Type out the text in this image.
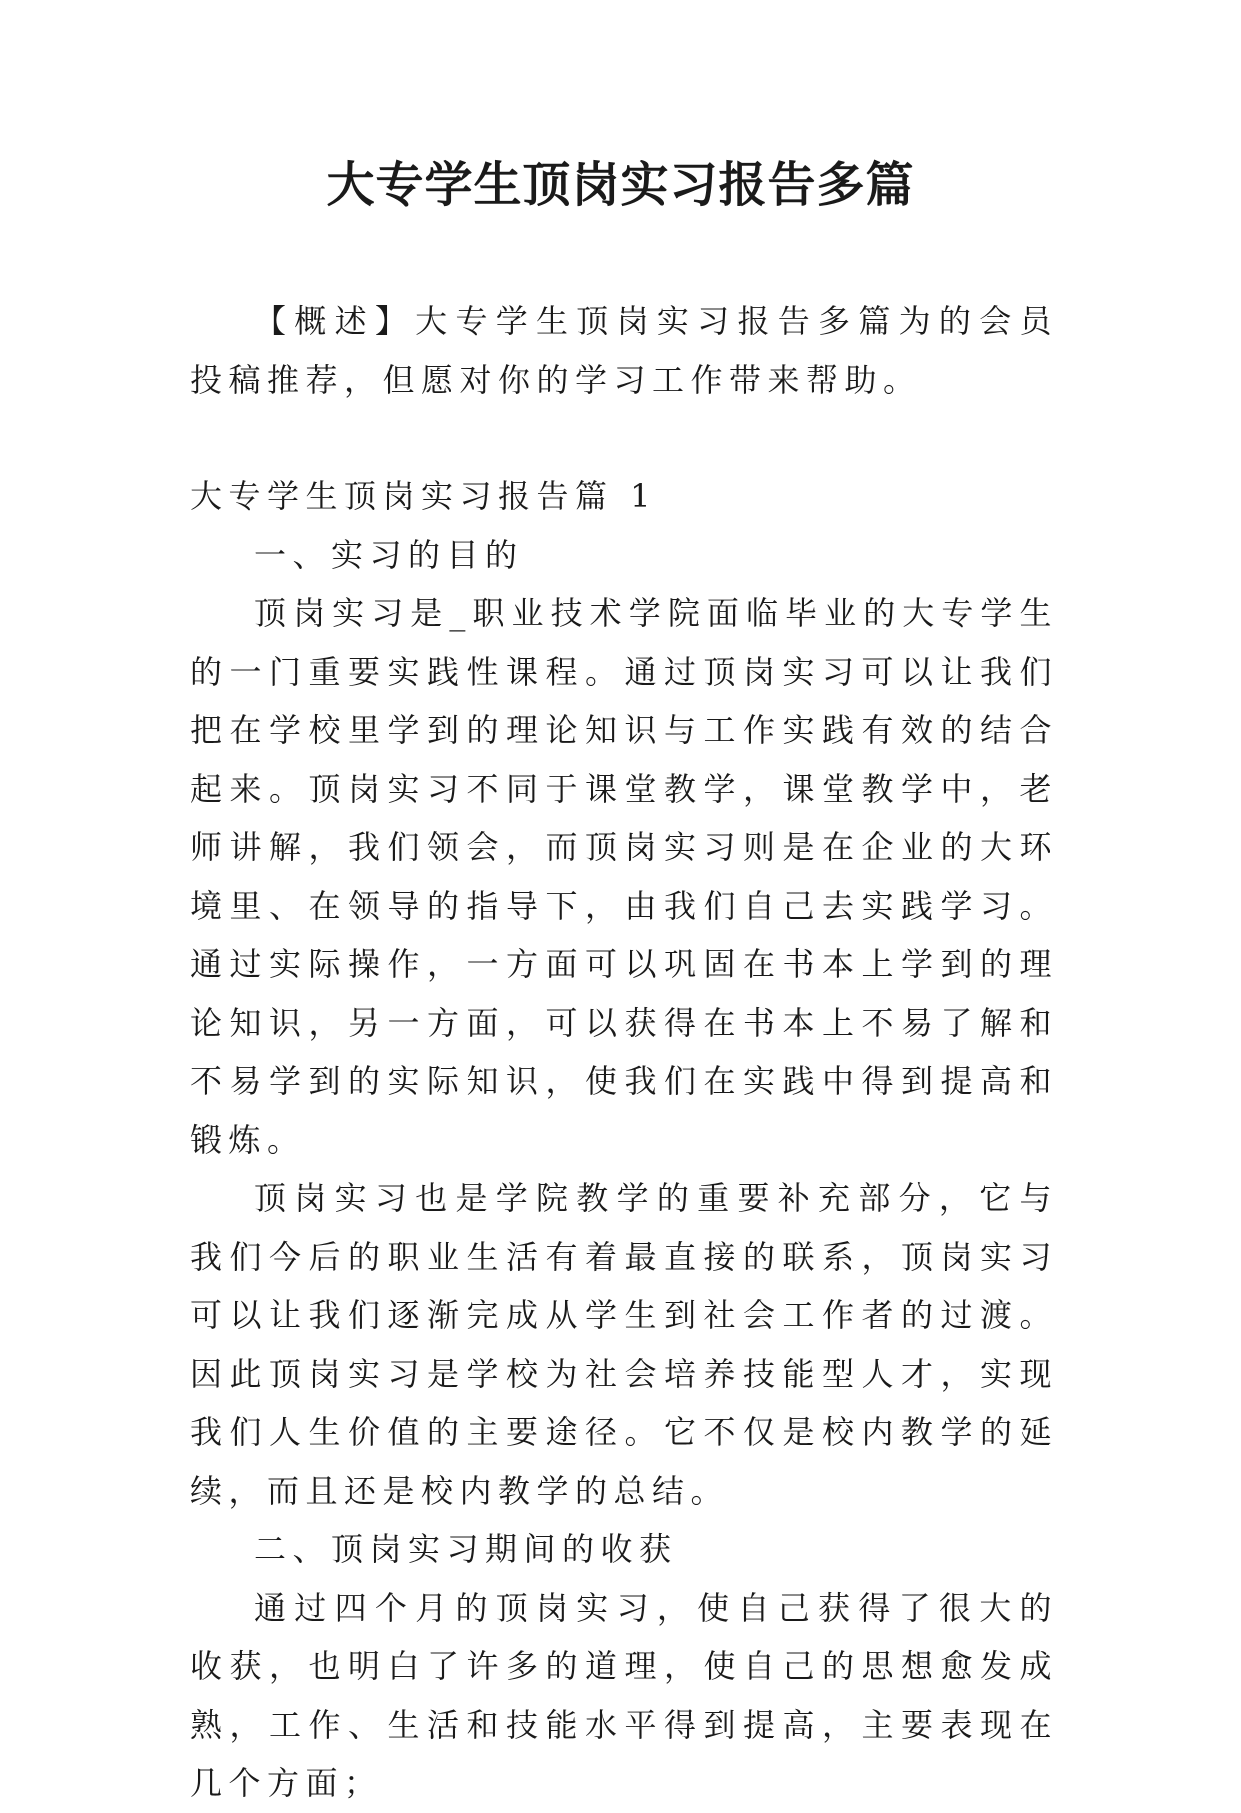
大专学生顶岗实习报告多篇

【概述】大专学生顶岗实习报告多篇为的会员投稿推荐，但愿对你的学习工作带来帮助。

大专学生顶岗实习报告篇 1

一、实习的目的

顶岗实习是_职业技术学院面临毕业的大专学生的一门重要实践性课程。通过顶岗实习可以让我们把在学校里学到的理论知识与工作实践有效的结合起来。顶岗实习不同于课堂教学，课堂教学中，老师讲解，我们领会，而顶岗实习则是在企业的大环境里、在领导的指导下，由我们自己去实践学习。通过实际操作，一方面可以巩固在书本上学到的理论知识，另一方面，可以获得在书本上不易了解和不易学到的实际知识，使我们在实践中得到提高和锻炼。

顶岗实习也是学院教学的重要补充部分，它与我们今后的职业生活有着最直接的联系，顶岗实习可以让我们逐渐完成从学生到社会工作者的过渡。因此顶岗实习是学校为社会培养技能型人才，实现我们人生价值的主要途径。它不仅是校内教学的延续，而且还是校内教学的总结。

二、顶岗实习期间的收获

通过四个月的顶岗实习，使自己获得了很大的收获，也明白了许多的道理，使自己的思想愈发成熟，工作、生活和技能水平得到提高，主要表现在几个方面；
